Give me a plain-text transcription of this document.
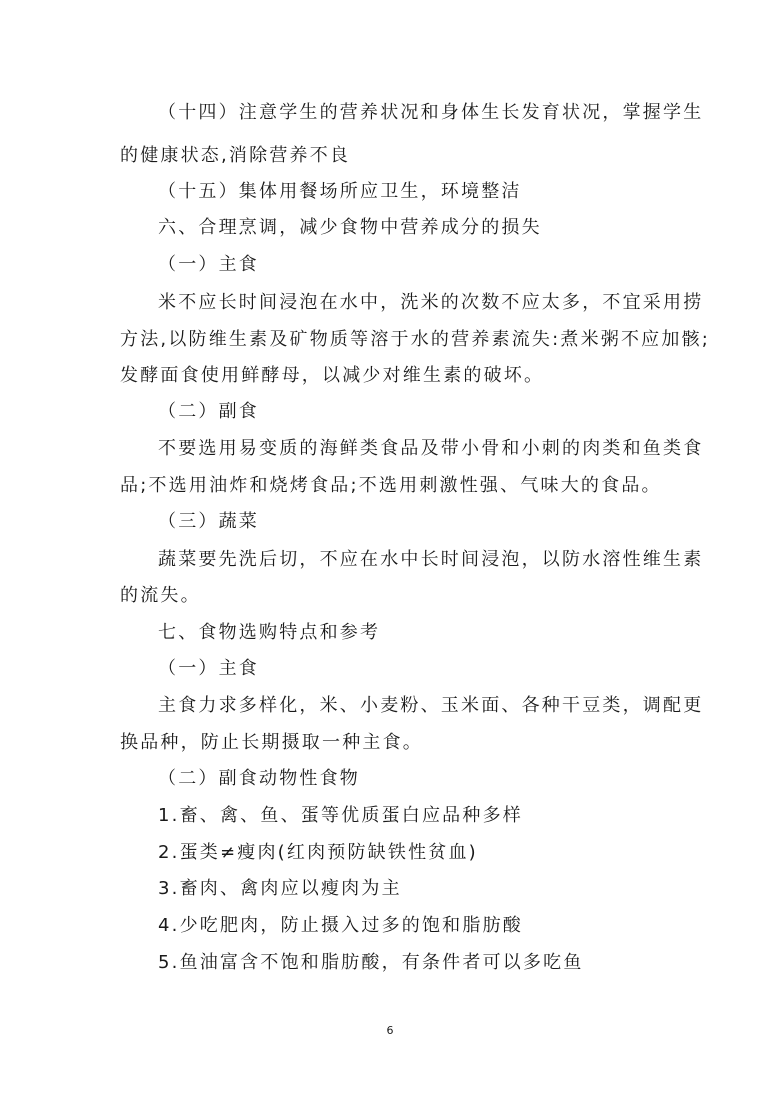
（十四）注意学生的营养状况和身体生长发育状况，掌握学生
的健康状态,消除营养不良
（十五）集体用餐场所应卫生，环境整洁
六、合理烹调，减少食物中营养成分的损失
（一）主食
米不应长时间浸泡在水中，洗米的次数不应太多，不宜采用捞
方法,以防维生素及矿物质等溶于水的营养素流失:煮米粥不应加骸;
发酵面食使用鲜酵母，以减少对维生素的破坏。
（二）副食
不要选用易变质的海鲜类食品及带小骨和小刺的肉类和鱼类食
品;不选用油炸和烧烤食品;不选用刺激性强、气味大的食品。
（三）蔬菜
蔬菜要先洗后切，不应在水中长时间浸泡，以防水溶性维生素
的流失。
七、食物选购特点和参考
（一）主食
主食力求多样化，米、小麦粉、玉米面、各种干豆类，调配更
换品种，防止长期摄取一种主食。
（二）副食动物性食物
1.畜、禽、鱼、蛋等优质蛋白应品种多样
2.蛋类≠瘦肉(红肉预防缺铁性贫血)
3.畜肉、禽肉应以瘦肉为主
4.少吃肥肉，防止摄入过多的饱和脂肪酸
5.鱼油富含不饱和脂肪酸，有条件者可以多吃鱼
6
